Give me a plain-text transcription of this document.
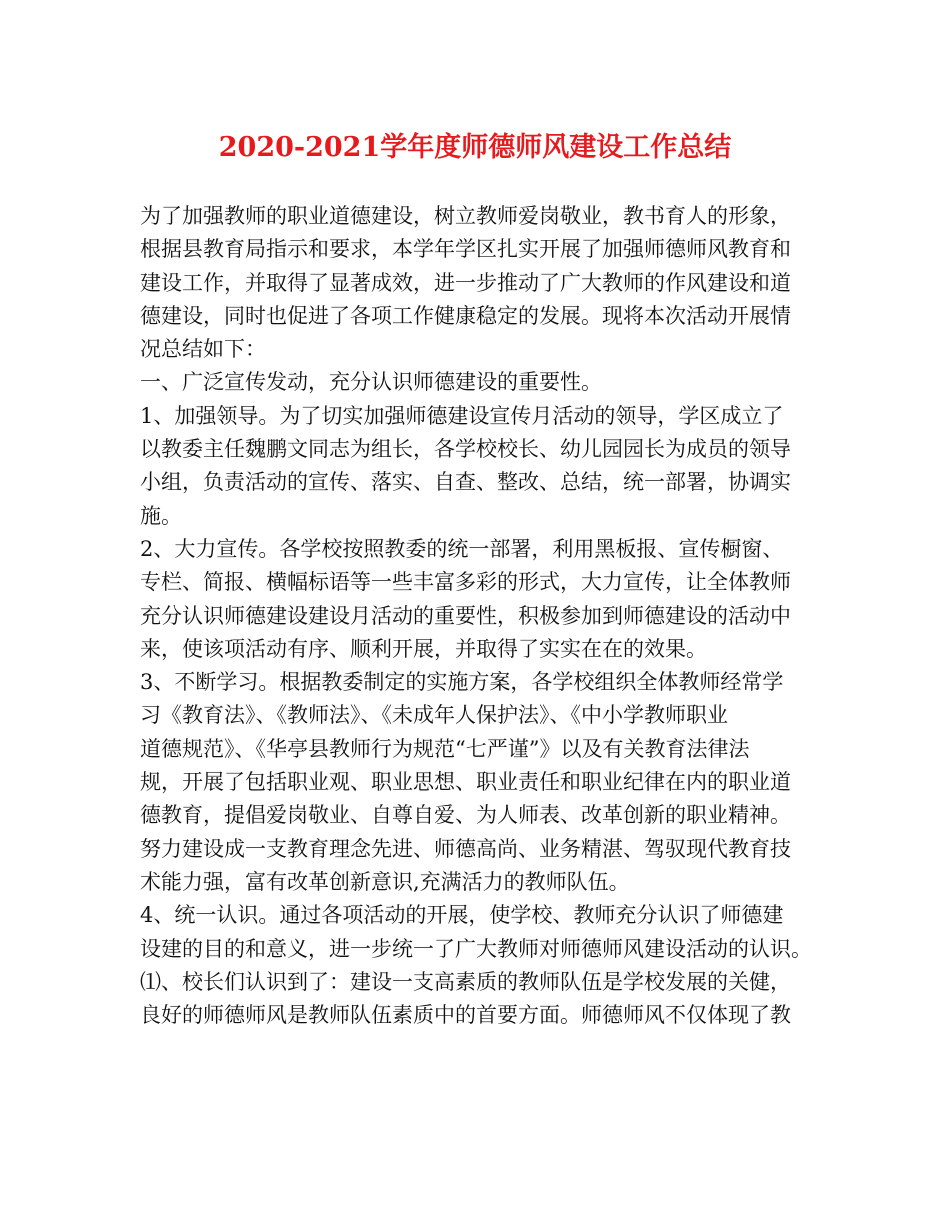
2020-2021学年度师德师风建设工作总结
为了加强教师的职业道德建设，树立教师爱岗敬业，教书育人的形象，
根据县教育局指示和要求，本学年学区扎实开展了加强师德师风教育和
建设工作，并取得了显著成效，进一步推动了广大教师的作风建设和道
德建设，同时也促进了各项工作健康稳定的发展。现将本次活动开展情
况总结如下：
一、广泛宣传发动，充分认识师德建设的重要性。
1、加强领导。为了切实加强师德建设宣传月活动的领导，学区成立了
以教委主任魏鹏文同志为组长，各学校校长、幼儿园园长为成员的领导
小组，负责活动的宣传、落实、自查、整改、总结，统一部署，协调实
施。
2、大力宣传。各学校按照教委的统一部署，利用黑板报、宣传橱窗、
专栏、简报、横幅标语等一些丰富多彩的形式，大力宣传，让全体教师
充分认识师德建设建设月活动的重要性，积极参加到师德建设的活动中
来，使该项活动有序、顺利开展，并取得了实实在在的效果。
3、不断学习。根据教委制定的实施方案，各学校组织全体教师经常学
习《教育法》、《教师法》、《未成年人保护法》、《中小学教师职业
道德规范》、《华亭县教师行为规范“七严谨”》以及有关教育法律法
规，开展了包括职业观、职业思想、职业责任和职业纪律在内的职业道
德教育，提倡爱岗敬业、自尊自爱、为人师表、改革创新的职业精神。
努力建设成一支教育理念先进、师德高尚、业务精湛、驾驭现代教育技
术能力强，富有改革创新意识,充满活力的教师队伍。
4、统一认识。通过各项活动的开展，使学校、教师充分认识了师德建
设建的目的和意义，进一步统一了广大教师对师德师风建设活动的认识。
⑴、校长们认识到了：建设一支高素质的教师队伍是学校发展的关健，
良好的师德师风是教师队伍素质中的首要方面。师德师风不仅体现了教
